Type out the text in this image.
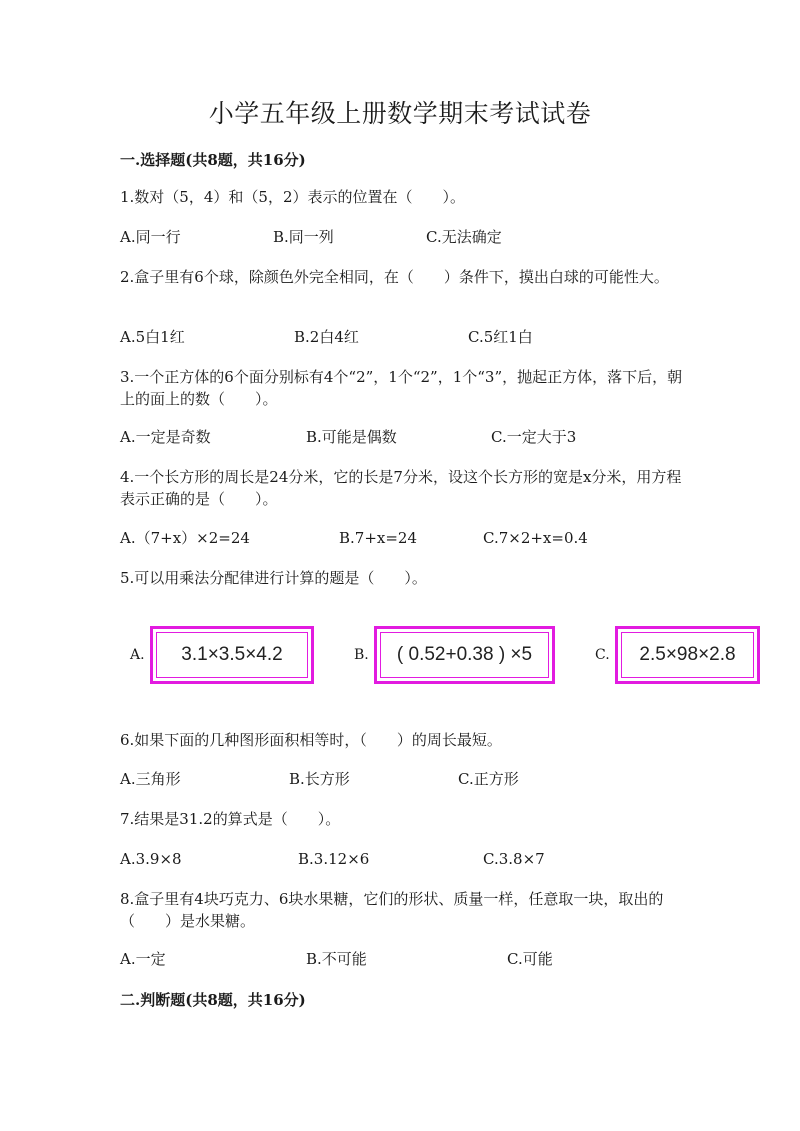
小学五年级上册数学期末考试试卷
一.选择题(共8题，共16分)
1.数对（5，4）和（5，2）表示的位置在（　　）。
A.同一行	B.同一列	C.无法确定
2.盒子里有6个球，除颜色外完全相同，在（　　）条件下，摸出白球的可能性大。
A.5白1红	B.2白4红	C.5红1白
3.一个正方体的6个面分别标有4个“2”，1个“2”，1个“3”，抛起正方体，落下后，朝上的面上的数（　　）。
A.一定是奇数	B.可能是偶数	C.一定大于3
4.一个长方形的周长是24分米，它的长是7分米，设这个长方形的宽是x分米，用方程表示正确的是（　　）。
A.（7+x）×2=24	B.7+x=24	C.7×2+x=0.4
5.可以用乘法分配律进行计算的题是（　　）。
A.	3.1×3.5×4.2	B.	( 0.52+0.38 ) ×5	C.	2.5×98×2.8
6.如果下面的几种图形面积相等时，（　　）的周长最短。
A.三角形	B.长方形	C.正方形
7.结果是31.2的算式是（　　）。
A.3.9×8	B.3.12×6	C.3.8×7
8.盒子里有4块巧克力、6块水果糖，它们的形状、质量一样，任意取一块，取出的（　　）是水果糖。
A.一定	B.不可能	C.可能
二.判断题(共8题，共16分)
